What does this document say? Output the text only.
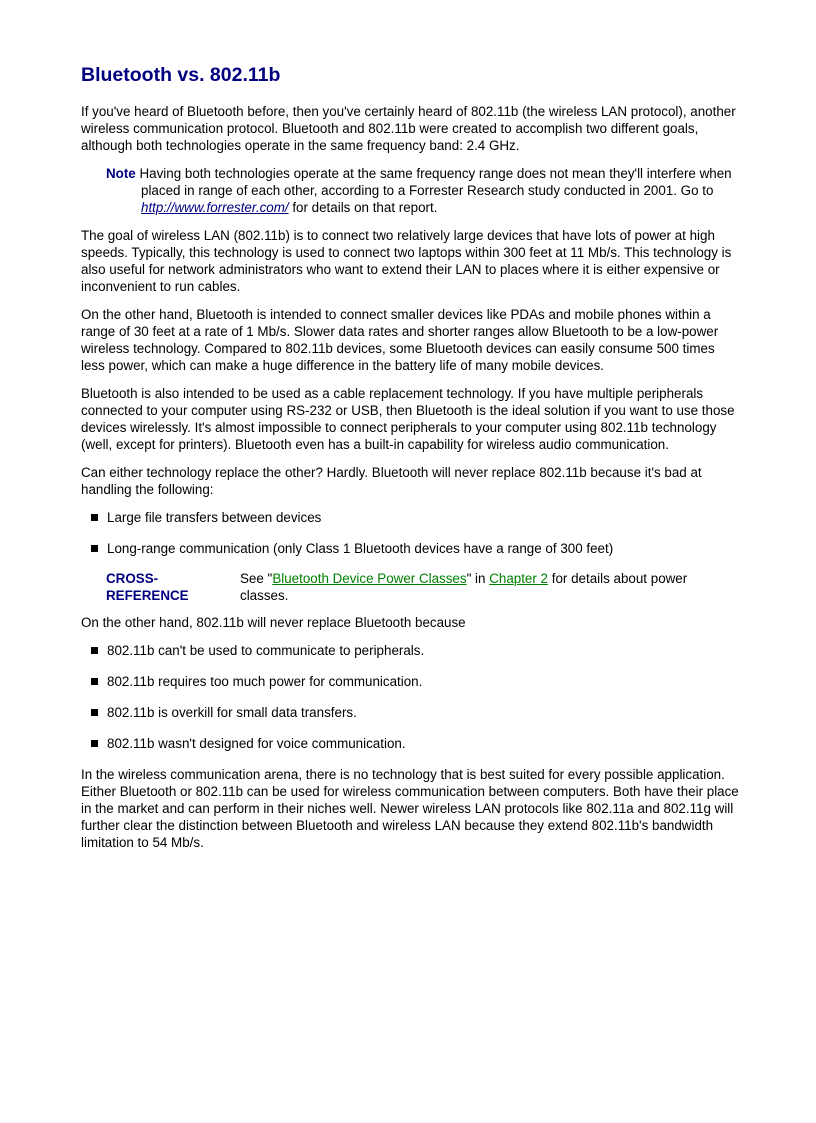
Bluetooth vs. 802.11b

If you've heard of Bluetooth before, then you've certainly heard of 802.11b (the wireless LAN protocol), another wireless communication protocol. Bluetooth and 802.11b were created to accomplish two different goals, although both technologies operate in the same frequency band: 2.4 GHz.

Note Having both technologies operate at the same frequency range does not mean they'll interfere when placed in range of each other, according to a Forrester Research study conducted in 2001. Go to http://www.forrester.com/ for details on that report.

The goal of wireless LAN (802.11b) is to connect two relatively large devices that have lots of power at high speeds. Typically, this technology is used to connect two laptops within 300 feet at 11 Mb/s. This technology is also useful for network administrators who want to extend their LAN to places where it is either expensive or inconvenient to run cables.

On the other hand, Bluetooth is intended to connect smaller devices like PDAs and mobile phones within a range of 30 feet at a rate of 1 Mb/s. Slower data rates and shorter ranges allow Bluetooth to be a low-power wireless technology. Compared to 802.11b devices, some Bluetooth devices can easily consume 500 times less power, which can make a huge difference in the battery life of many mobile devices.

Bluetooth is also intended to be used as a cable replacement technology. If you have multiple peripherals connected to your computer using RS-232 or USB, then Bluetooth is the ideal solution if you want to use those devices wirelessly. It's almost impossible to connect peripherals to your computer using 802.11b technology (well, except for printers). Bluetooth even has a built-in capability for wireless audio communication.

Can either technology replace the other? Hardly. Bluetooth will never replace 802.11b because it's bad at handling the following:

Large file transfers between devices
Long-range communication (only Class 1 Bluetooth devices have a range of 300 feet)
CROSS-
REFERENCE
See "Bluetooth Device Power Classes" in Chapter 2 for details about power classes.

On the other hand, 802.11b will never replace Bluetooth because

802.11b can't be used to communicate to peripherals.
802.11b requires too much power for communication.
802.11b is overkill for small data transfers.
802.11b wasn't designed for voice communication.

In the wireless communication arena, there is no technology that is best suited for every possible application. Either Bluetooth or 802.11b can be used for wireless communication between computers. Both have their place in the market and can perform in their niches well. Newer wireless LAN protocols like 802.11a and 802.11g will further clear the distinction between Bluetooth and wireless LAN because they extend 802.11b's bandwidth limitation to 54 Mb/s.
